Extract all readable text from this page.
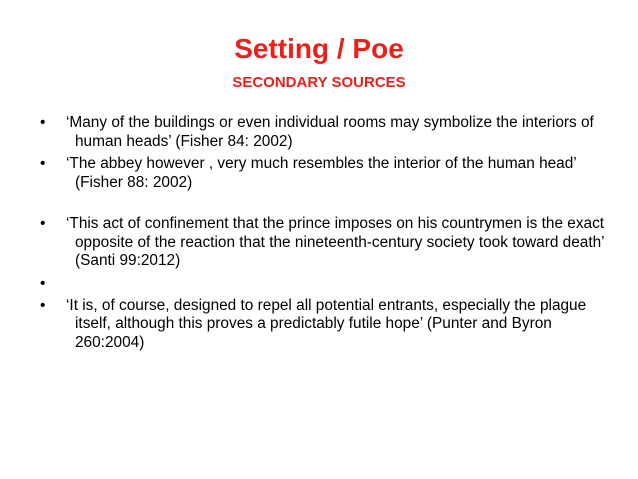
Setting / Poe
SECONDARY SOURCES
• ‘Many of the buildings or even individual rooms may symbolize the interiors of human heads’ (Fisher 84: 2002)
• ‘The abbey however , very much resembles the interior of the human head’ (Fisher 88: 2002)
• ‘This act of confinement that the prince imposes on his countrymen is the exact opposite of the reaction that the nineteenth-century society took toward death’ (Santi 99:2012)
•
• ‘It is, of course, designed to repel all potential entrants, especially the plague itself, although this proves a predictably futile hope’ (Punter and Byron 260:2004)
